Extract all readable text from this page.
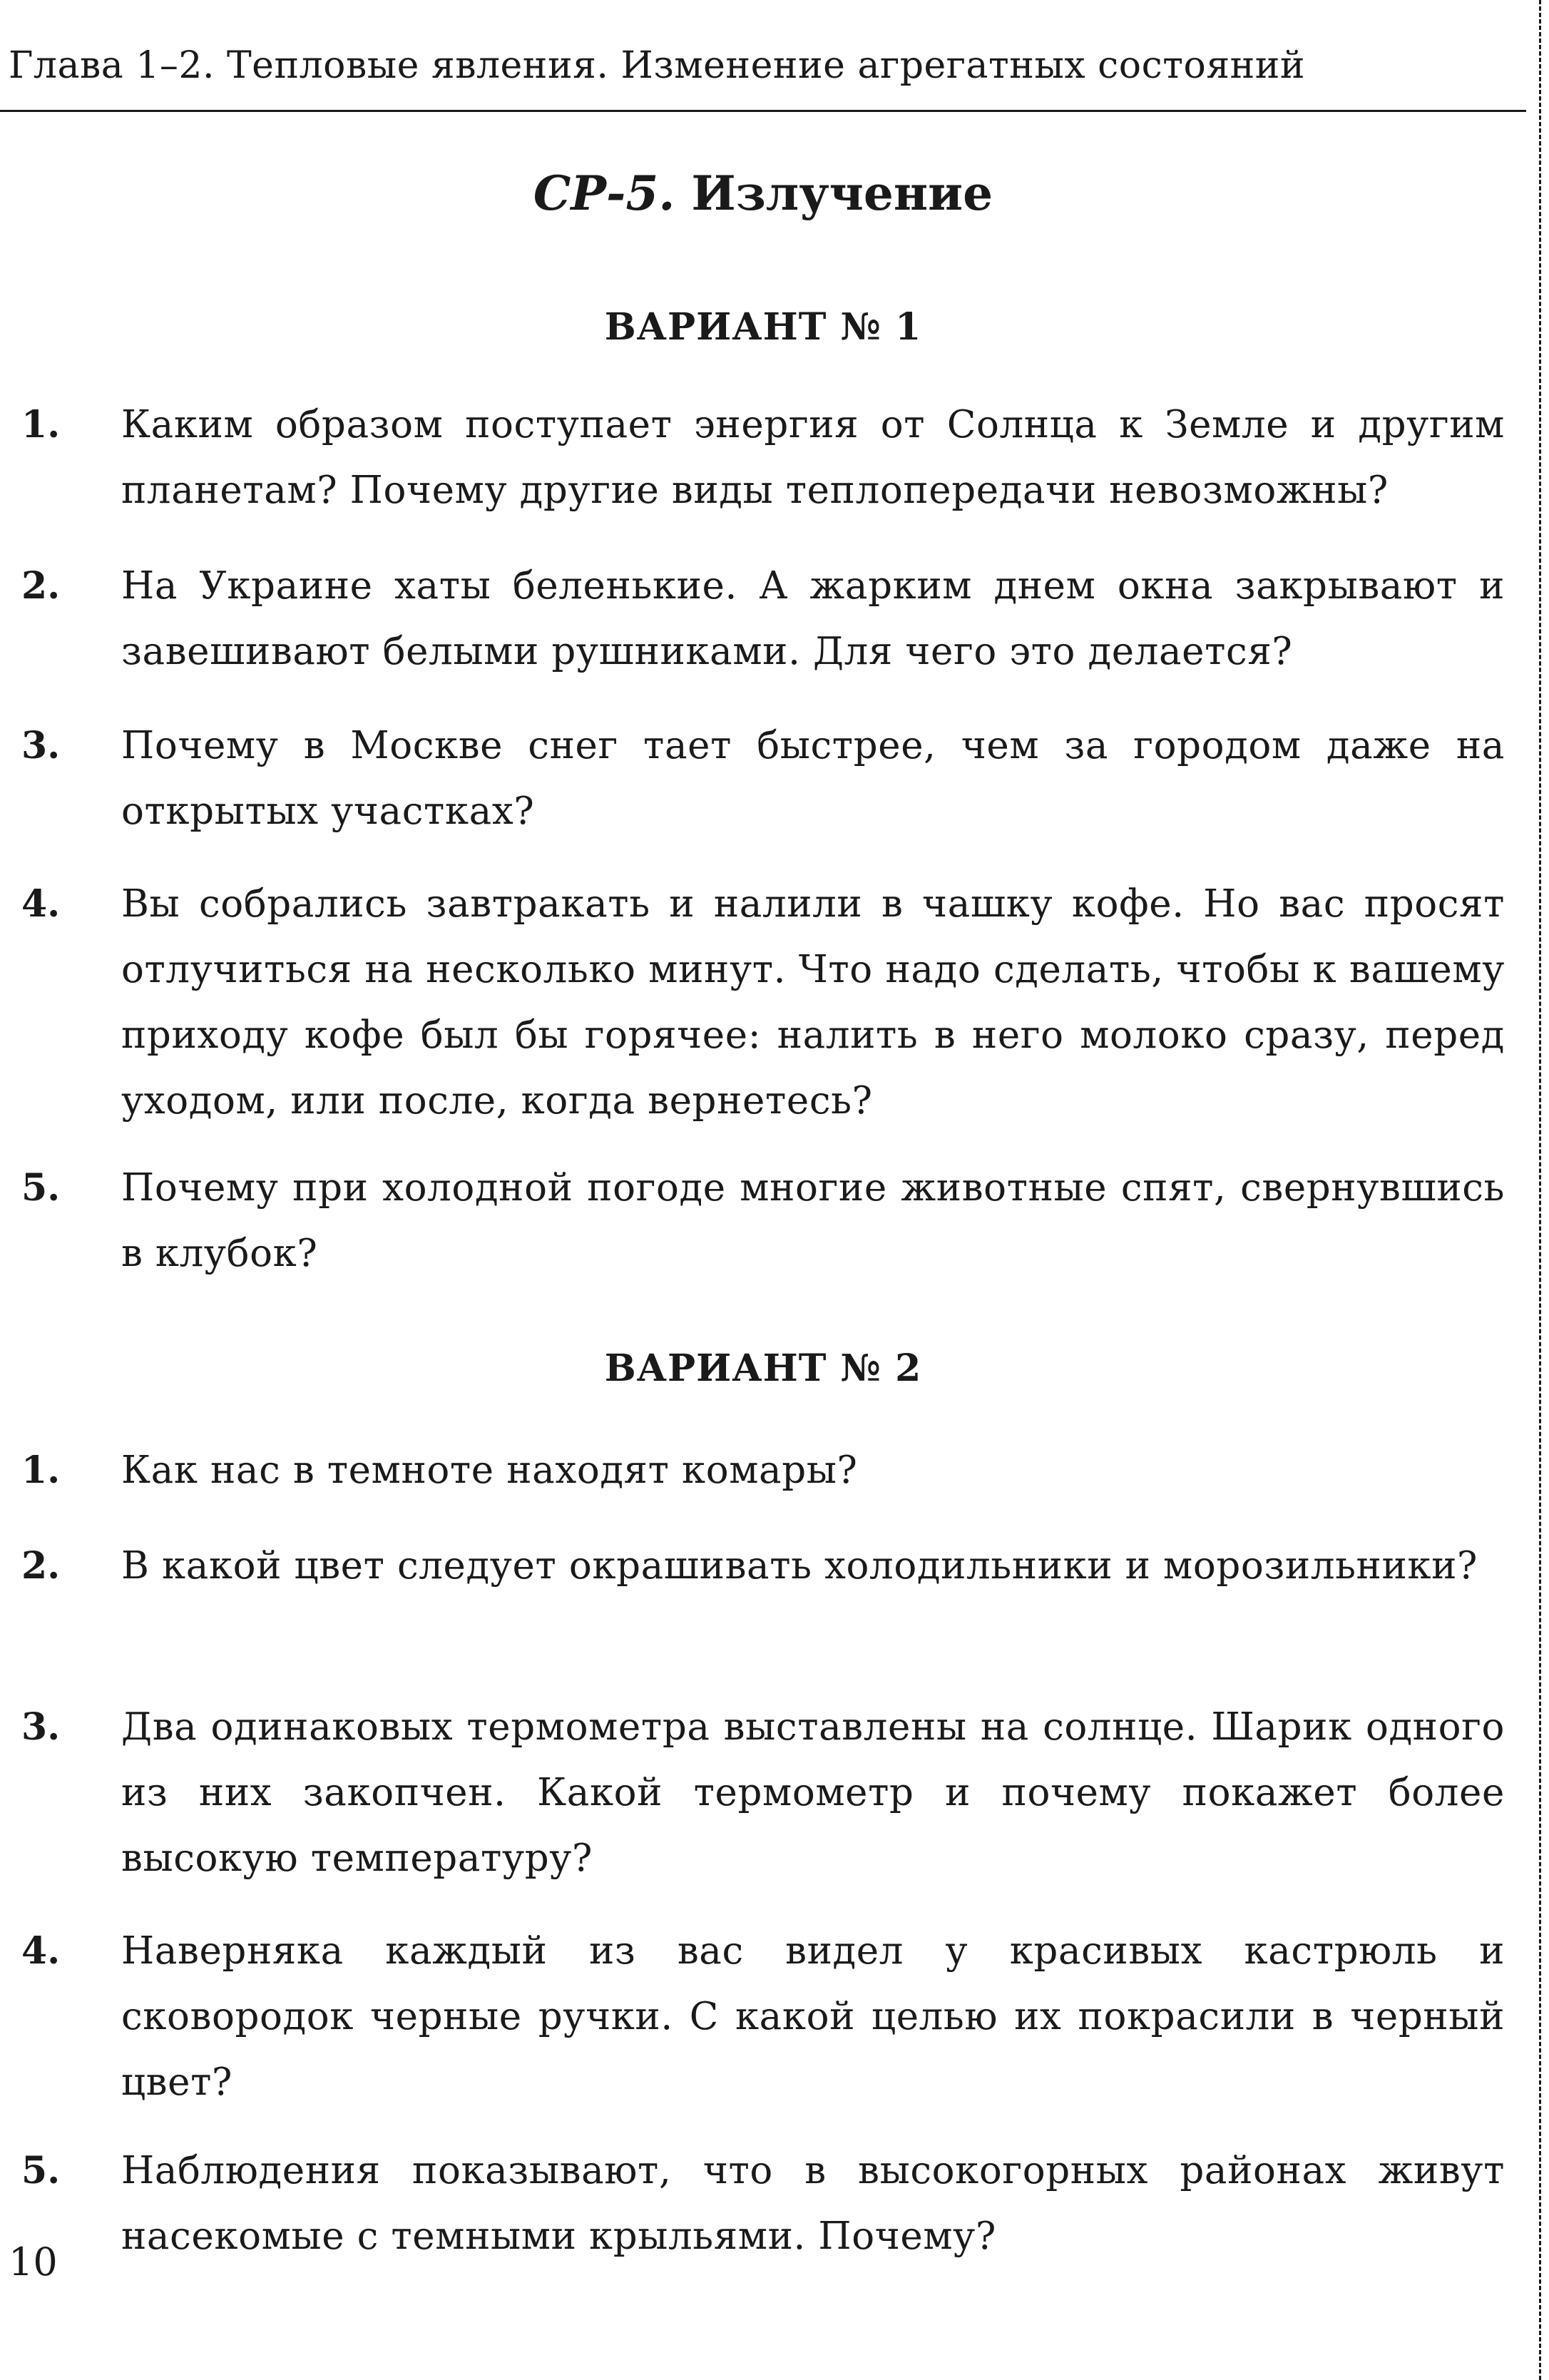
Глава 1–2. Тепловые явления. Изменение агрегатных состояний
СР-5. Излучение
ВАРИАНТ № 1
1. Каким образом поступает энергия от Солнца к Земле и другим планетам? Почему другие виды теплопередачи невозможны?
2. На Украине хаты беленькие. А жарким днем окна закрывают и завешивают белыми рушниками. Для чего это делается?
3. Почему в Москве снег тает быстрее, чем за городом даже на открытых участках?
4. Вы собрались завтракать и налили в чашку кофе. Но вас просят отлучиться на несколько минут. Что надо сделать, чтобы к вашему приходу кофе был бы горячее: налить в него молоко сразу, перед уходом, или после, когда вернетесь?
5. Почему при холодной погоде многие животные спят, свернувшись в клубок?
ВАРИАНТ № 2
1. Как нас в темноте находят комары?
2. В какой цвет следует окрашивать холодильники и морозильники?
3. Два одинаковых термометра выставлены на солнце. Шарик одного из них закопчен. Какой термометр и почему покажет более высокую температуру?
4. Наверняка каждый из вас видел у красивых кастрюль и сковородок черные ручки. С какой целью их покрасили в черный цвет?
5. Наблюдения показывают, что в высокогорных районах живут насекомые с темными крыльями. Почему?
10
